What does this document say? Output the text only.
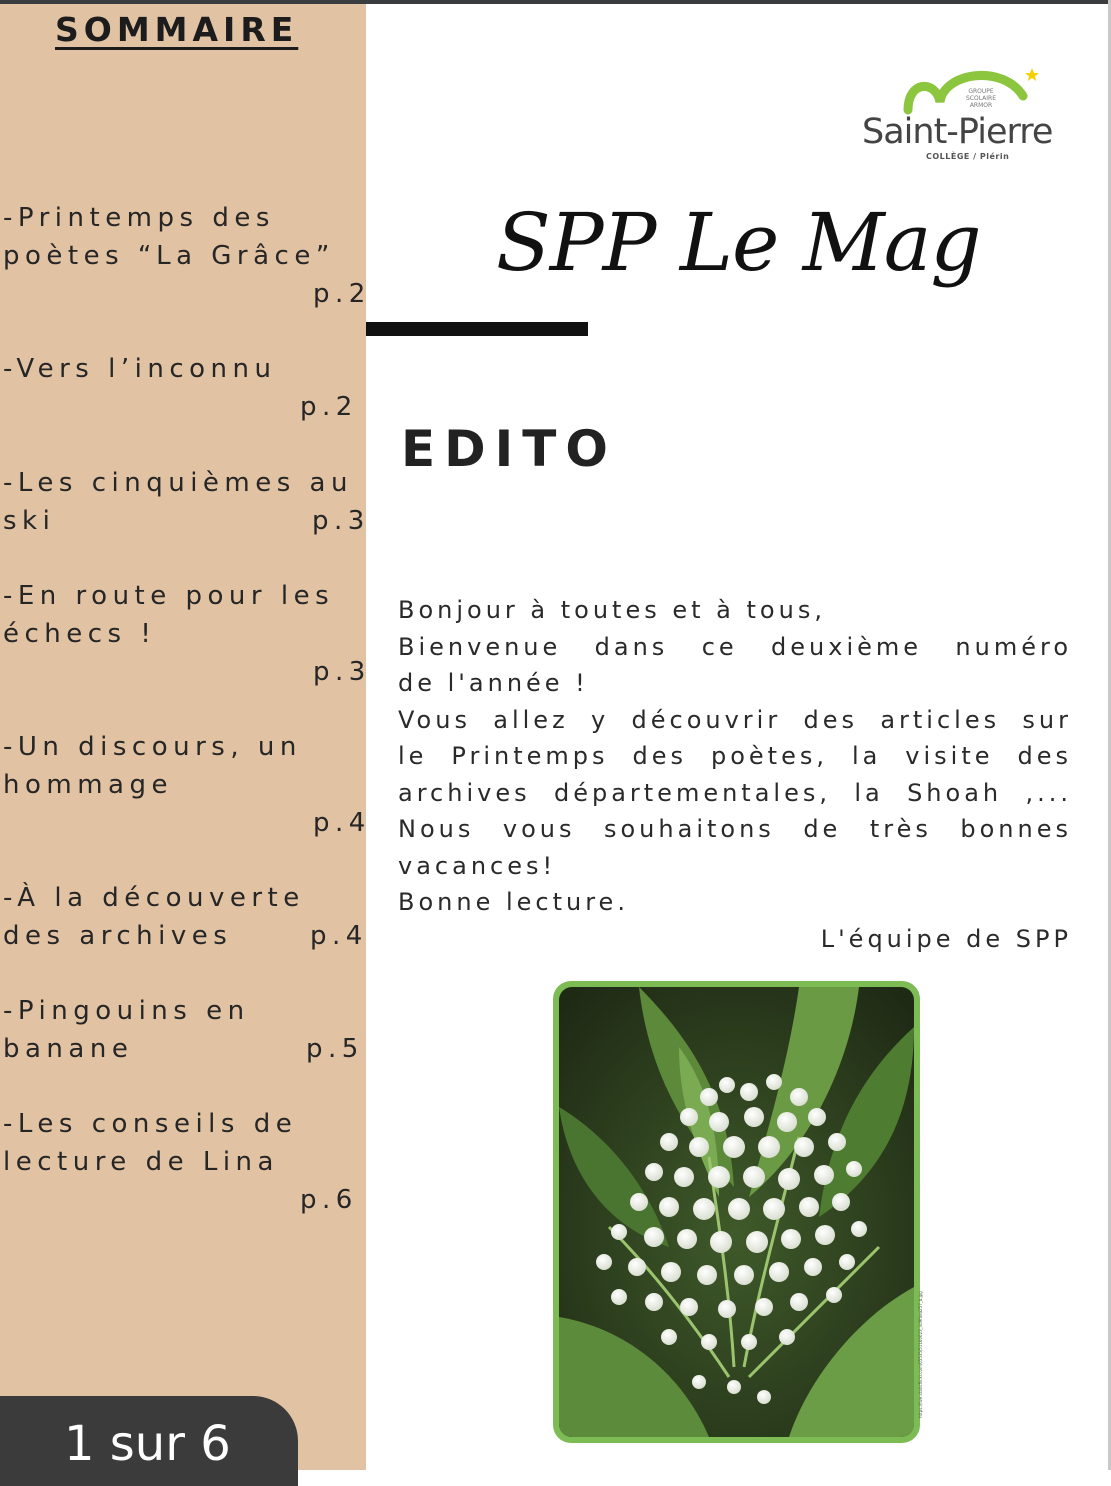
SOMMAIRE
-Printemps des
poètes “La Grâce”
p.2
-Vers l’inconnu
p.2
-Les cinquièmes au
ski	p.3
-En route pour les
échecs !
p.3
-Un discours, un
hommage
p.4
-À la découverte
des archives	p.4
-Pingouins en
banane	p.5
-Les conseils de
lecture de Lina
p.6
GROUPE
SCOLAIRE
ARMOR
Saint-Pierre
COLLÈGE / Plérin
SPP Le Mag
EDITO
Bonjour à toutes et à tous,
Bienvenue dans ce deuxième numéro
de l'année !
Vous allez y découvrir des articles sur
le Printemps des poètes, la visite des
archives départementales, la Shoah ,...
Nous vous souhaitons de très bonnes
vacances!
Bonne lecture.
L'équipe de SPP
https://live.staticflickr.com/65535/51160623_3d9fdea257_b.jpg
1 sur 6
